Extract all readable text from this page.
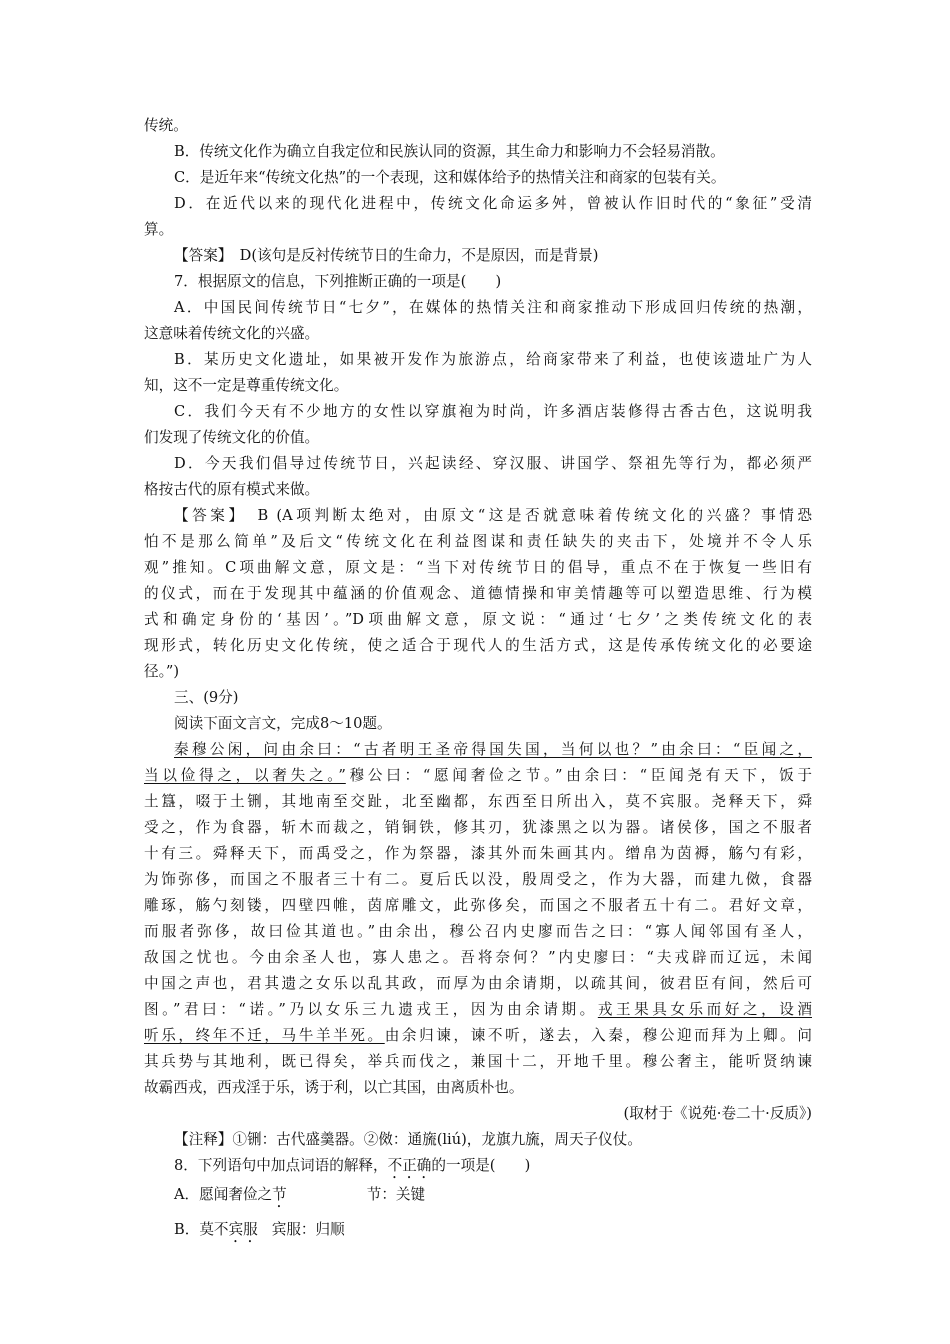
传统。
B．传统文化作为确立自我定位和民族认同的资源，其生命力和影响力不会轻易消散。
C．是近年来“传统文化热”的一个表现，这和媒体给予的热情关注和商家的包装有关。
D．在近代以来的现代化进程中，传统文化命运多舛，曾被认作旧时代的“象征”受清
算。
【答案】　D(该句是反衬传统节日的生命力，不是原因，而是背景)
7．根据原文的信息，下列推断正确的一项是(　　)
A．中国民间传统节日“七夕”，在媒体的热情关注和商家推动下形成回归传统的热潮，
这意味着传统文化的兴盛。
B．某历史文化遗址，如果被开发作为旅游点，给商家带来了利益，也使该遗址广为人
知，这不一定是尊重传统文化。
C．我们今天有不少地方的女性以穿旗袍为时尚，许多酒店装修得古香古色，这说明我
们发现了传统文化的价值。
D．今天我们倡导过传统节日，兴起读经、穿汉服、讲国学、祭祖先等行为，都必须严
格按古代的原有模式来做。
【答案】　B (A项判断太绝对，由原文“这是否就意味着传统文化的兴盛？事情恐
怕不是那么简单”及后文“传统文化在利益图谋和责任缺失的夹击下，处境并不令人乐
观”推知。C项曲解文意，原文是：“当下对传统节日的倡导，重点不在于恢复一些旧有
的仪式，而在于发现其中蕴涵的价值观念、道德情操和审美情趣等可以塑造思维、行为模
式和确定身份的‘基因’。”D项曲解文意，原文说：“通过‘七夕’之类传统文化的表
现形式，转化历史文化传统，使之适合于现代人的生活方式，这是传承传统文化的必要途
径。”)
三、(9分)
阅读下面文言文，完成8～10题。
秦穆公闲，问由余曰：“古者明王圣帝得国失国，当何以也？”由余曰：“臣闻之，
当以俭得之，以奢失之。”穆公曰：“愿闻奢俭之节。”由余曰：“臣闻尧有天下，饭于
土簋，啜于土铏，其地南至交趾，北至幽都，东西至日所出入，莫不宾服。尧释天下，舜
受之，作为食器，斩木而裁之，销铜铁，修其刃，犹漆黑之以为器。诸侯侈，国之不服者
十有三。舜释天下，而禹受之，作为祭器，漆其外而朱画其内。缯帛为茵褥，觞勺有彩，
为饰弥侈，而国之不服者三十有二。夏后氏以没，殷周受之，作为大器，而建九傚，食器
雕琢，觞勺刻镂，四壁四帷，茵席雕文，此弥侈矣，而国之不服者五十有二。君好文章，
而服者弥侈，故曰俭其道也。”由余出，穆公召内史廖而告之曰：“寡人闻邻国有圣人，
敌国之忧也。今由余圣人也，寡人患之。吾将奈何？”内史廖曰：“夫戎辟而辽远，未闻
中国之声也，君其遗之女乐以乱其政，而厚为由余请期，以疏其间，彼君臣有间，然后可
图。”君曰：“诺。”乃以女乐三九遗戎王，因为由余请期。戎王果具女乐而好之，设酒
听乐，终年不迁，马牛羊半死。由余归谏，谏不听，遂去，入秦，穆公迎而拜为上卿。问
其兵势与其地利，既已得矣，举兵而伐之，兼国十二，开地千里。穆公奢主，能听贤纳谏
故霸西戎，西戎淫于乐，诱于利，以亡其国，由离质朴也。
(取材于《说苑·卷二十·反质》)
【注释】①铏：古代盛羹器。②傚：通旒(liú)，龙旗九旒，周天子仪仗。
8．下列语句中加点词语的解释，不正确的一项是(　　)
A．愿闻奢俭之节	节：关键
B．莫不宾服 宾服：归顺
